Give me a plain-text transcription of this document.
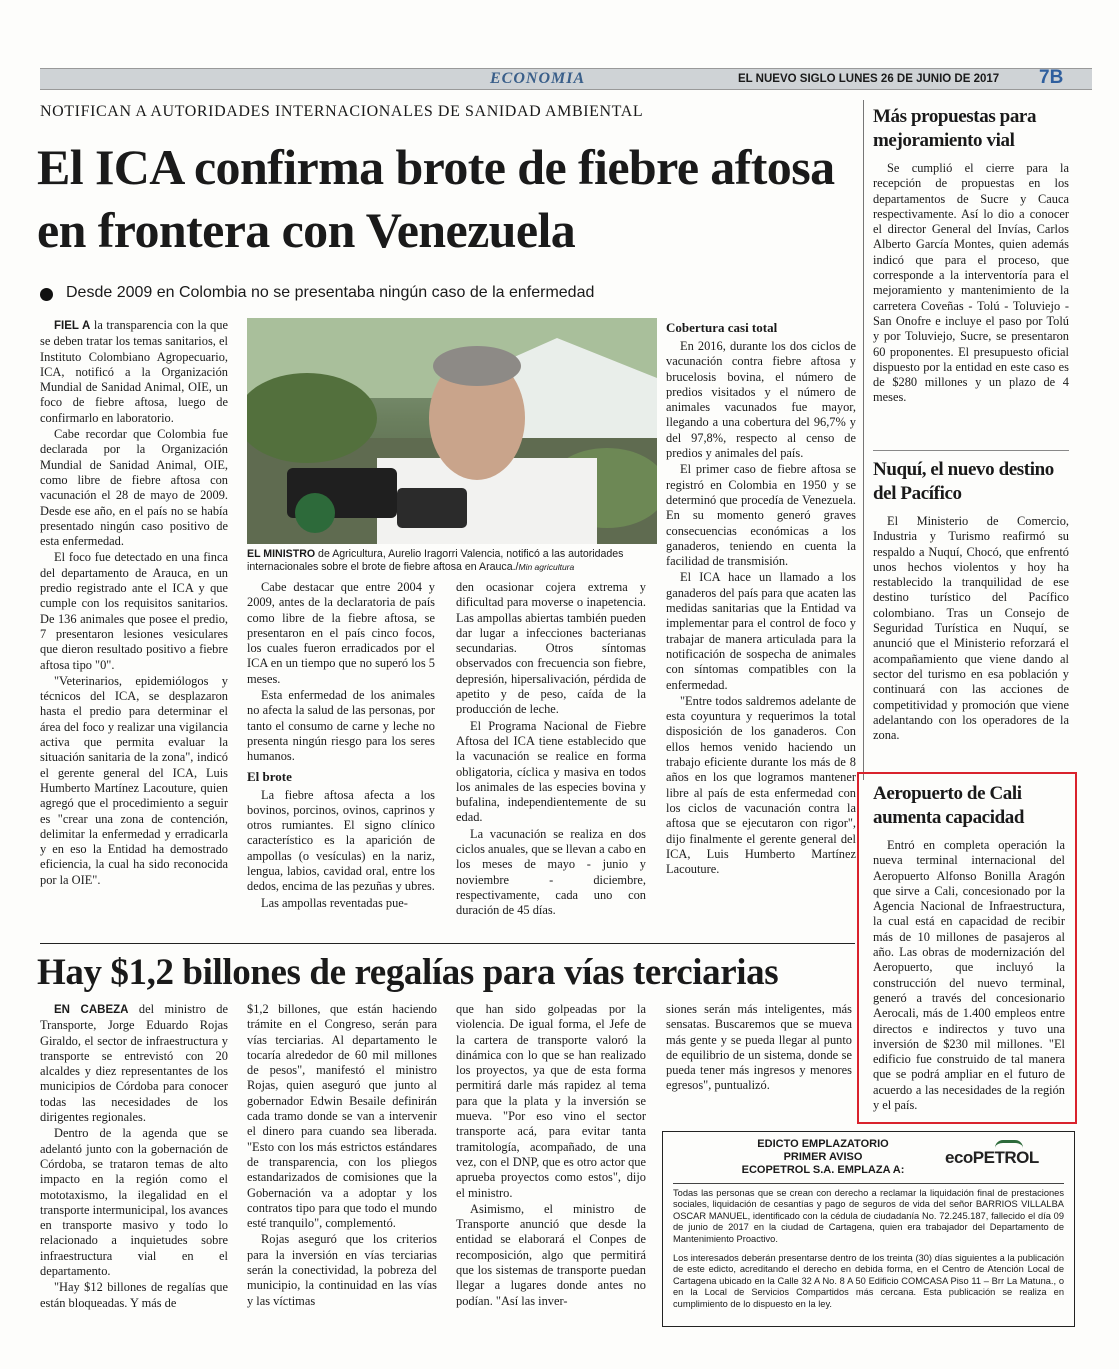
ECONOMIA	EL NUEVO SIGLO LUNES 26 DE JUNIO DE 2017 7B
NOTIFICAN A AUTORIDADES INTERNACIONALES DE SANIDAD AMBIENTAL
El ICA confirma brote de fiebre aftosa en frontera con Venezuela
Desde 2009 en Colombia no se presentaba ningún caso de la enfermedad

FIEL A la transparencia con la que se deben tratar los temas sanitarios, el Instituto Colombiano Agropecuario, ICA, notificó a la Organización Mundial de Sanidad Animal, OIE, un foco de fiebre aftosa, luego de confirmarlo en laboratorio.

Cabe recordar que Colombia fue declarada por la Organización Mundial de Sanidad Animal, OIE, como libre de fiebre aftosa con vacunación el 28 de mayo de 2009. Desde ese año, en el país no se había presentado ningún caso positivo de esta enfermedad.

El foco fue detectado en una finca del departamento de Arauca, en un predio registrado ante el ICA y que cumple con los requisitos sanitarios. De 136 animales que posee el predio, 7 presentaron lesiones vesiculares que dieron resultado positivo a fiebre aftosa tipo "0".

"Veterinarios, epidemiólogos y técnicos del ICA, se desplazaron hasta el predio para determinar el área del foco y realizar una vigilancia activa que permita evaluar la situación sanitaria de la zona", indicó el gerente general del ICA, Luis Humberto Martínez Lacouture, quien agregó que el procedimiento a seguir es "crear una zona de contención, delimitar la enfermedad y erradicarla y en eso la Entidad ha demostrado eficiencia, la cual ha sido reconocida por la OIE".

EL MINISTRO de Agricultura, Aurelio Iragorri Valencia, notificó a las autoridades internacionales sobre el brote de fiebre aftosa en Arauca./Min agricultura

Cabe destacar que entre 2004 y 2009, antes de la declaratoria de país como libre de la fiebre aftosa, se presentaron en el país cinco focos, los cuales fueron erradicados por el ICA en un tiempo que no superó los 5 meses.

Esta enfermedad de los animales no afecta la salud de las personas, por tanto el consumo de carne y leche no presenta ningún riesgo para los seres humanos.

El brote

La fiebre aftosa afecta a los bovinos, porcinos, ovinos, caprinos y otros rumiantes. El signo clínico característico es la aparición de ampollas (o vesículas) en la nariz, lengua, labios, cavidad oral, entre los dedos, encima de las pezuñas y ubres.

Las ampollas reventadas pue-

den ocasionar cojera extrema y dificultad para moverse o inapetencia. Las ampollas abiertas también pueden dar lugar a infecciones bacterianas secundarias. Otros síntomas observados con frecuencia son fiebre, depresión, hipersalivación, pérdida de apetito y de peso, caída de la producción de leche.

El Programa Nacional de Fiebre Aftosa del ICA tiene establecido que la vacunación se realice en forma obligatoria, cíclica y masiva en todos los animales de las especies bovina y bufalina, independientemente de su edad.

La vacunación se realiza en dos ciclos anuales, que se llevan a cabo en los meses de mayo - junio y noviembre - diciembre, respectivamente, cada uno con duración de 45 días.

Cobertura casi total

En 2016, durante los dos ciclos de vacunación contra fiebre aftosa y brucelosis bovina, el número de predios visitados y el número de animales vacunados fue mayor, llegando a una cobertura del 96,7% y del 97,8%, respecto al censo de predios y animales del país.

El primer caso de fiebre aftosa se registró en Colombia en 1950 y se determinó que procedía de Venezuela. En su momento generó graves consecuencias económicas a los ganaderos, teniendo en cuenta la facilidad de transmisión.

El ICA hace un llamado a los ganaderos del país para que acaten las medidas sanitarias que la Entidad va implementar para el control de foco y trabajar de manera articulada para la notificación de sospecha de animales con síntomas compatibles con la enfermedad.

"Entre todos saldremos adelante de esta coyuntura y requerimos la total disposición de los ganaderos. Con ellos hemos venido haciendo un trabajo eficiente durante los más de 8 años en los que logramos mantener libre al país de esta enfermedad con los ciclos de vacunación contra la aftosa que se ejecutaron con rigor", dijo finalmente el gerente general del ICA, Luis Humberto Martínez Lacouture.

Más propuestas para mejoramiento vial

Se cumplió el cierre para la recepción de propuestas en los departamentos de Sucre y Cauca respectivamente. Así lo dio a conocer el director General del Invías, Carlos Alberto García Montes, quien además indicó que para el proceso, que corresponde a la interventoría para el mejoramiento y mantenimiento de la carretera Coveñas - Tolú - Toluviejo - San Onofre e incluye el paso por Tolú y por Toluviejo, Sucre, se presentaron 60 proponentes. El presupuesto oficial dispuesto por la entidad en este caso es de $280 millones y un plazo de 4 meses.

Nuquí, el nuevo destino del Pacífico

El Ministerio de Comercio, Industria y Turismo reafirmó su respaldo a Nuquí, Chocó, que enfrentó unos hechos violentos y hoy ha restablecido la tranquilidad de ese destino turístico del Pacífico colombiano. Tras un Consejo de Seguridad Turística en Nuquí, se anunció que el Ministerio reforzará el acompañamiento que viene dando al sector del turismo en esa población y continuará con las acciones de competitividad y promoción que viene adelantando con los operadores de la zona.

Aeropuerto de Cali aumenta capacidad

Entró en completa operación la nueva terminal internacional del Aeropuerto Alfonso Bonilla Aragón que sirve a Cali, concesionado por la Agencia Nacional de Infraestructura, la cual está en capacidad de recibir más de 10 millones de pasajeros al año. Las obras de modernización del Aeropuerto, que incluyó la construcción del nuevo terminal, generó a través del concesionario Aerocali, más de 1.400 empleos entre directos e indirectos y tuvo una inversión de $230 mil millones. "El edificio fue construido de tal manera que se podrá ampliar en el futuro de acuerdo a las necesidades de la región y el país.

Hay $1,2 billones de regalías para vías terciarias

EN CABEZA del ministro de Transporte, Jorge Eduardo Rojas Giraldo, el sector de infraestructura y transporte se entrevistó con 20 alcaldes y diez representantes de los municipios de Córdoba para conocer todas las necesidades de los dirigentes regionales.

Dentro de la agenda que se adelantó junto con la gobernación de Córdoba, se trataron temas de alto impacto en la región como el mototaxismo, la ilegalidad en el transporte intermunicipal, los avances en transporte masivo y todo lo relacionado a inquietudes sobre infraestructura vial en el departamento.

"Hay $12 billones de regalías que están bloqueadas. Y más de

$1,2 billones, que están haciendo trámite en el Congreso, serán para vías terciarias. Al departamento le tocaría alrededor de 60 mil millones de pesos", manifestó el ministro Rojas, quien aseguró que junto al gobernador Edwin Besaile definirán cada tramo donde se van a intervenir el dinero para cuando sea liberada. "Esto con los más estrictos estándares de transparencia, con los pliegos estandarizados de comisiones que la Gobernación va a adoptar y los contratos tipo para que todo el mundo esté tranquilo", complementó.

Rojas aseguró que los criterios para la inversión en vías terciarias serán la conectividad, la pobreza del municipio, la continuidad en las vías y las víctimas

que han sido golpeadas por la violencia. De igual forma, el Jefe de la cartera de transporte valoró la dinámica con lo que se han realizado los proyectos, ya que de esta forma permitirá darle más rapidez al tema para que la plata y la inversión se mueva. "Por eso vino el sector transporte acá, para evitar tanta tramitología, acompañado, de una vez, con el DNP, que es otro actor que aprueba proyectos como estos", dijo el ministro.

Asimismo, el ministro de Transporte anunció que desde la entidad se elaborará el Conpes de recomposición, algo que permitirá que los sistemas de transporte puedan llegar a lugares donde antes no podían. "Así las inver-

siones serán más inteligentes, más sensatas. Buscaremos que se mueva más gente y se pueda llegar al punto de equilibrio de un sistema, donde se pueda tener más ingresos y menores egresos", puntualizó.

EDICTO EMPLAZATORIO
PRIMER AVISO
ECOPETROL S.A. EMPLAZA A:
ecoPETROL

Todas las personas que se crean con derecho a reclamar la liquidación final de prestaciones sociales, liquidación de cesantías y pago de seguros de vida del señor BARRIOS VILLALBA OSCAR MANUEL, identificado con la cédula de ciudadanía No. 72.245.187, fallecido el día 09 de junio de 2017 en la ciudad de Cartagena, quien era trabajador del Departamento de Mantenimiento Proactivo.

Los interesados deberán presentarse dentro de los treinta (30) días siguientes a la publicación de este edicto, acreditando el derecho en debida forma, en el Centro de Atención Local de Cartagena ubicado en la Calle 32 A No. 8 A 50 Edificio COMCASA Piso 11 – Brr La Matuna., o en la Local de Servicios Compartidos más cercana. Esta publicación se realiza en cumplimiento de lo dispuesto en la ley.
